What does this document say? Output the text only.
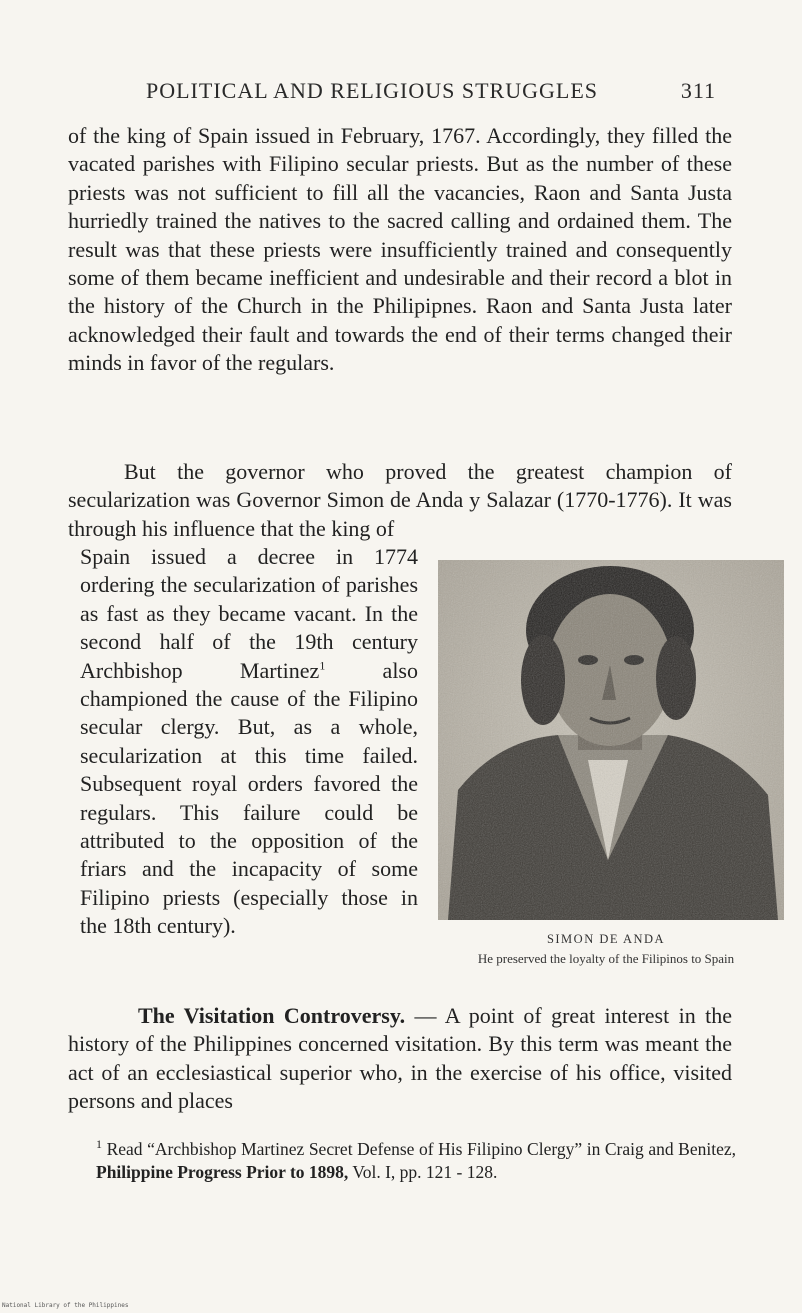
POLITICAL AND RELIGIOUS STRUGGLES	311

of the king of Spain issued in February, 1767. Accordingly, they filled the vacated parishes with Filipino secular priests. But as the number of these priests was not sufficient to fill all the vacancies, Raon and Santa Justa hurriedly trained the natives to the sacred calling and ordained them. The result was that these priests were insufficiently trained and consequently some of them became inefficient and undesirable and their record a blot in the history of the Church in the Philipipnes. Raon and Santa Justa later acknowledged their fault and towards the end of their terms changed their minds in favor of the regulars.

But the governor who proved the greatest champion of secularization was Governor Simon de Anda y Salazar (1770-1776). It was through his influence that the king of

Spain issued a decree in 1774 ordering the secularization of parishes as fast as they became vacant. In the second half of the 19th century Archbishop Martinez$^1$ also championed the cause of the Filipino secular clergy. But, as a whole, secularization at this time failed. Subsequent royal orders favored the regulars. This failure could be attributed to the opposition of the friars and the incapacity of some Filipino priests (especially those in the 18th century).

SIMON DE ANDA
He preserved the loyalty of the Filipinos to Spain

The Visitation Controversy. — A point of great interest in the history of the Philippines concerned visitation. By this term was meant the act of an ecclesiastical superior who, in the exercise of his office, visited persons and places

$^1$ Read “Archbishop Martinez Secret Defense of His Filipino Clergy” in Craig and Benitez, Philippine Progress Prior to 1898, Vol. I, pp. 121 - 128.

National Library of the Philippines
